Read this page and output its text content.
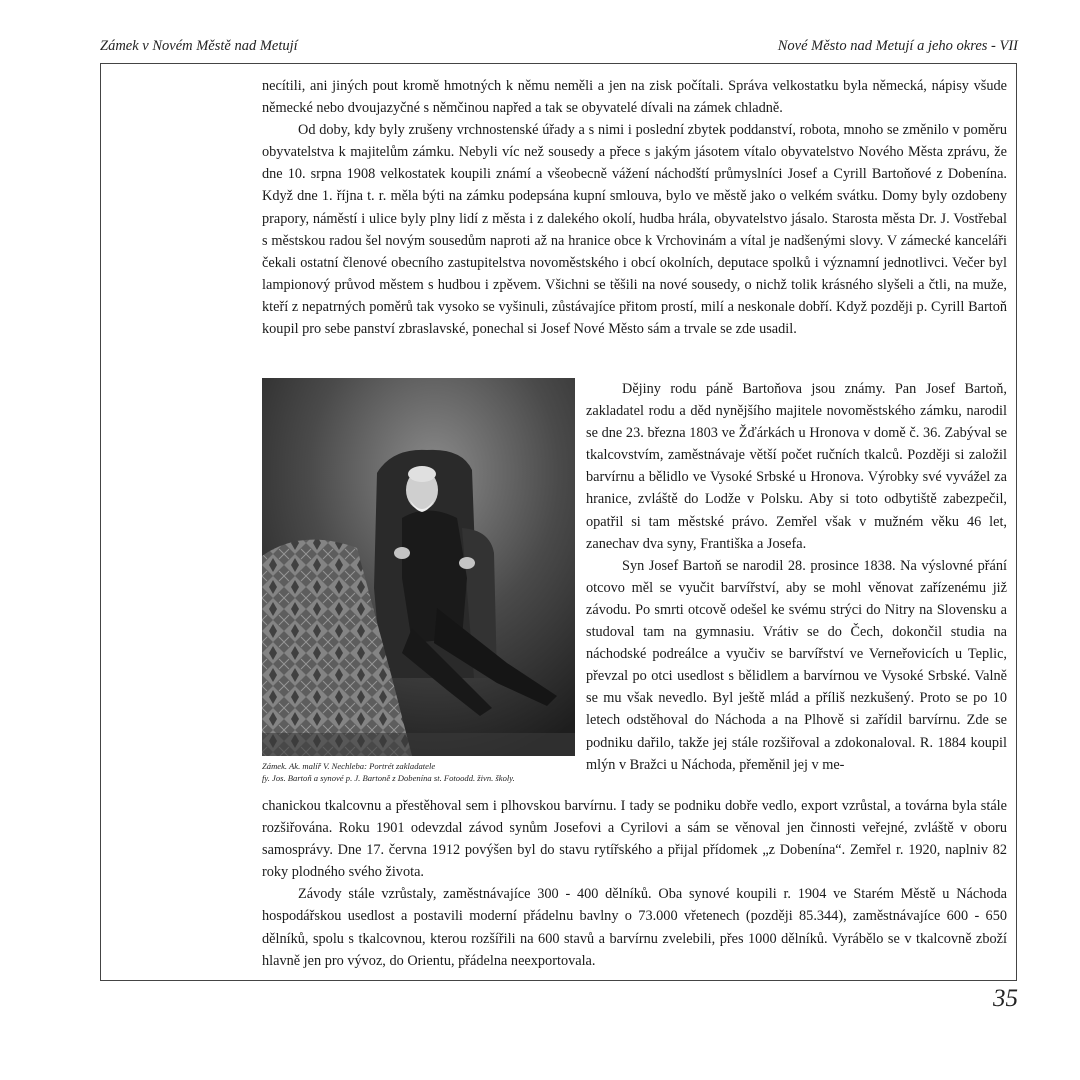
Zámek v Novém Městě nad Metují	Nové Město nad Metují a jeho okres - VII

necítili, ani jiných pout kromě hmotných k němu neměli a jen na zisk počítali. Správa velkostatku byla německá, nápisy všude německé nebo dvoujazyčné s němčinou napřed a tak se obyvatelé dívali na zámek chladně.

Od doby, kdy byly zrušeny vrchnostenské úřady a s nimi i poslední zbytek poddanství, robota, mnoho se změnilo v poměru obyvatelstva k majitelům zámku. Nebyli víc než sousedy a přece s jakým jásotem vítalo obyvatelstvo Nového Města zprávu, že dne 10. srpna 1908 velkostatek koupili známí a všeobecně vážení náchodští průmyslníci Josef a Cyrill Bartoňové z Dobenína. Když dne 1. října t. r. měla býti na zámku podepsána kupní smlouva, bylo ve městě jako o velkém svátku. Domy byly ozdobeny prapory, náměstí i ulice byly plny lidí z města i z dalekého okolí, hudba hrála, obyvatelstvo jásalo. Starosta města Dr. J. Vostřebal s městskou radou šel novým sousedům naproti až na hranice obce k Vrchovinám a vítal je nadšenými slovy. V zámecké kanceláři čekali ostatní členové obecního zastupitelstva novoměstského i obcí okolních, deputace spolků i významní jednotlivci. Večer byl lampionový průvod městem s hudbou i zpěvem. Všichni se těšili na nové sousedy, o nichž tolik krásného slyšeli a čtli, na muže, kteří z nepatrných poměrů tak vysoko se vyšinuli, zůstávajíce přitom prostí, milí a neskonale dobří. Když později p. Cyrill Bartoň koupil pro sebe panství zbraslavské, ponechal si Josef Nové Město sám a trvale se zde usadil.

Dějiny rodu páně Bartoňova jsou známy. Pan Josef Bartoň, zakladatel rodu a děd nynějšího majitele novoměstského zámku, narodil se dne 23. března 1803 ve Žďárkách u Hronova v domě č. 36. Zabýval se tkalcovstvím, zaměstnávaje větší počet ručních tkalců. Později si založil barvírnu a bělidlo ve Vysoké Srbské u Hronova. Výrobky své vyvážel za hranice, zvláště do Lodže v Polsku. Aby si toto odbytiště zabezpečil, opatřil si tam městské právo. Zemřel však v mužném věku 46 let, zanechav dva syny, Františka a Josefa.

Syn Josef Bartoň se narodil 28. prosince 1838. Na výslovné přání otcovo měl se vyučit barvířství, aby se mohl věnovat zařízenému již závodu. Po smrti otcově odešel ke svému strýci do Nitry na Slovensku a studoval tam na gymnasiu. Vrátiv se do Čech, dokončil studia na náchodské podreálce a vyučiv se barvířství ve Verneřovicích u Teplic, převzal po otci usedlost s bělidlem a barvírnou ve Vysoké Srbské. Valně se mu však nevedlo. Byl ještě mlád a příliš nezkušený. Proto se po 10 letech odstěhoval do Náchoda a na Plhově si zařídil barvírnu. Zde se podniku dařilo, takže jej stále rozšiřoval a zdokonaloval. R. 1884 koupil mlýn v Bražci u Náchoda, přeměnil jej v me-

Zámek. Ak. malíř V. Nechleba: Portrét zakladatele
fy. Jos. Bartoň a synové p. J. Bartoně z Dobenína st. Fotoodd. živn. školy.

chanickou tkalcovnu a přestěhoval sem i plhovskou barvírnu. I tady se podniku dobře vedlo, export vzrůstal, a továrna byla stále rozšiřována. Roku 1901 odevzdal závod synům Josefovi a Cyrilovi a sám se věnoval jen činnosti veřejné, zvláště v oboru samosprávy. Dne 17. června 1912 povýšen byl do stavu rytířského a přijal přídomek „z Dobenína“. Zemřel r. 1920, naplniv 82 roky plodného svého života.

Závody stále vzrůstaly, zaměstnávajíce 300 - 400 dělníků. Oba synové koupili r. 1904 ve Starém Městě u Náchoda hospodářskou usedlost a postavili moderní přádelnu bavlny o 73.000 vřetenech (později 85.344), zaměstnávajíce 600 - 650 dělníků, spolu s tkalcovnou, kterou rozšířili na 600 stavů a barvírnu zvelebili, přes 1000 dělníků. Vyrábělo se v tkalcovně zboží hlavně jen pro vývoz, do Orientu, přádelna neexportovala.

35
